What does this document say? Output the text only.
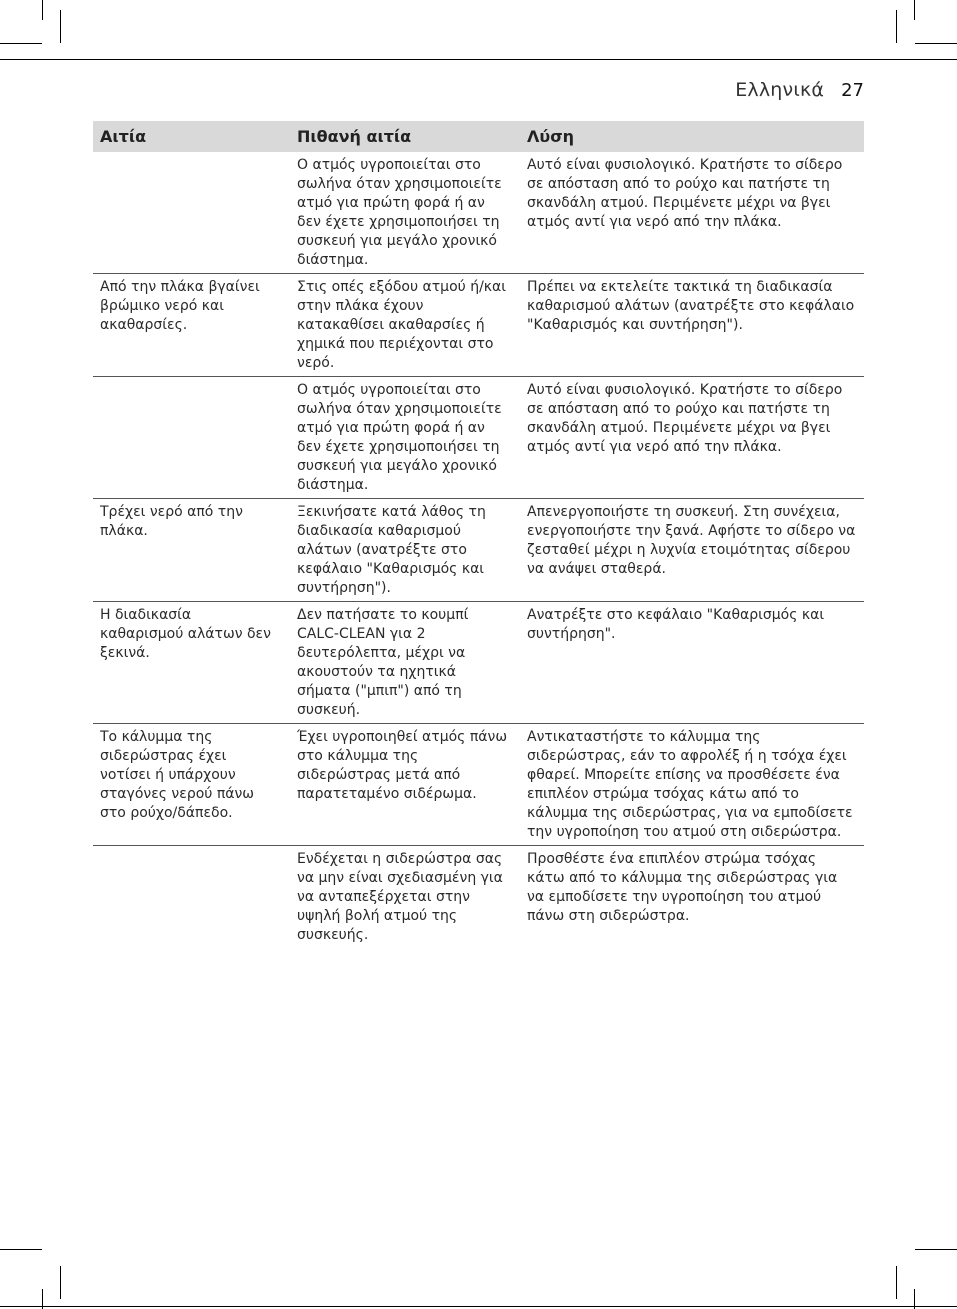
Ελληνικά 27
Αιτία	Πιθανή αιτία	Λύση
	Ο ατμός υγροποιείται στο σωλήνα όταν χρησιμοποιείτε ατμό για πρώτη φορά ή αν δεν έχετε χρησιμοποιήσει τη συσκευή για μεγάλο χρονικό διάστημα.	Αυτό είναι φυσιολογικό. Κρατήστε το σίδερο σε απόσταση από το ρούχο και πατήστε τη σκανδάλη ατμού. Περιμένετε μέχρι να βγει ατμός αντί για νερό από την πλάκα.
Από την πλάκα βγαίνει βρώμικο νερό και ακαθαρσίες.	Στις οπές εξόδου ατμού ή/και στην πλάκα έχουν κατακαθίσει ακαθαρσίες ή χημικά που περιέχονται στο νερό.	Πρέπει να εκτελείτε τακτικά τη διαδικασία καθαρισμού αλάτων (ανατρέξτε στο κεφάλαιο "Καθαρισμός και συντήρηση").
	Ο ατμός υγροποιείται στο σωλήνα όταν χρησιμοποιείτε ατμό για πρώτη φορά ή αν δεν έχετε χρησιμοποιήσει τη συσκευή για μεγάλο χρονικό διάστημα.	Αυτό είναι φυσιολογικό. Κρατήστε το σίδερο σε απόσταση από το ρούχο και πατήστε τη σκανδάλη ατμού. Περιμένετε μέχρι να βγει ατμός αντί για νερό από την πλάκα.
Τρέχει νερό από την πλάκα.	Ξεκινήσατε κατά λάθος τη διαδικασία καθαρισμού αλάτων (ανατρέξτε στο κεφάλαιο "Καθαρισμός και συντήρηση").	Απενεργοποιήστε τη συσκευή. Στη συνέχεια, ενεργοποιήστε την ξανά. Αφήστε το σίδερο να ζεσταθεί μέχρι η λυχνία ετοιμότητας σίδερου να ανάψει σταθερά.
Η διαδικασία καθαρισμού αλάτων δεν ξεκινά.	Δεν πατήσατε το κουμπί CALC-CLEAN για 2 δευτερόλεπτα, μέχρι να ακουστούν τα ηχητικά σήματα ("μπιπ") από τη συσκευή.	Ανατρέξτε στο κεφάλαιο "Καθαρισμός και συντήρηση".
Το κάλυμμα της σιδερώστρας έχει νοτίσει ή υπάρχουν σταγόνες νερού πάνω στο ρούχο/δάπεδο.	Έχει υγροποιηθεί ατμός πάνω στο κάλυμμα της σιδερώστρας μετά από παρατεταμένο σιδέρωμα.	Αντικαταστήστε το κάλυμμα της σιδερώστρας, εάν το αφρολέξ ή η τσόχα έχει φθαρεί. Μπορείτε επίσης να προσθέσετε ένα επιπλέον στρώμα τσόχας κάτω από το κάλυμμα της σιδερώστρας, για να εμποδίσετε την υγροποίηση του ατμού στη σιδερώστρα.
	Ενδέχεται η σιδερώστρα σας να μην είναι σχεδιασμένη για να ανταπεξέρχεται στην υψηλή βολή ατμού της συσκευής.	Προσθέστε ένα επιπλέον στρώμα τσόχας κάτω από το κάλυμμα της σιδερώστρας για να εμποδίσετε την υγροποίηση του ατμού πάνω στη σιδερώστρα.
